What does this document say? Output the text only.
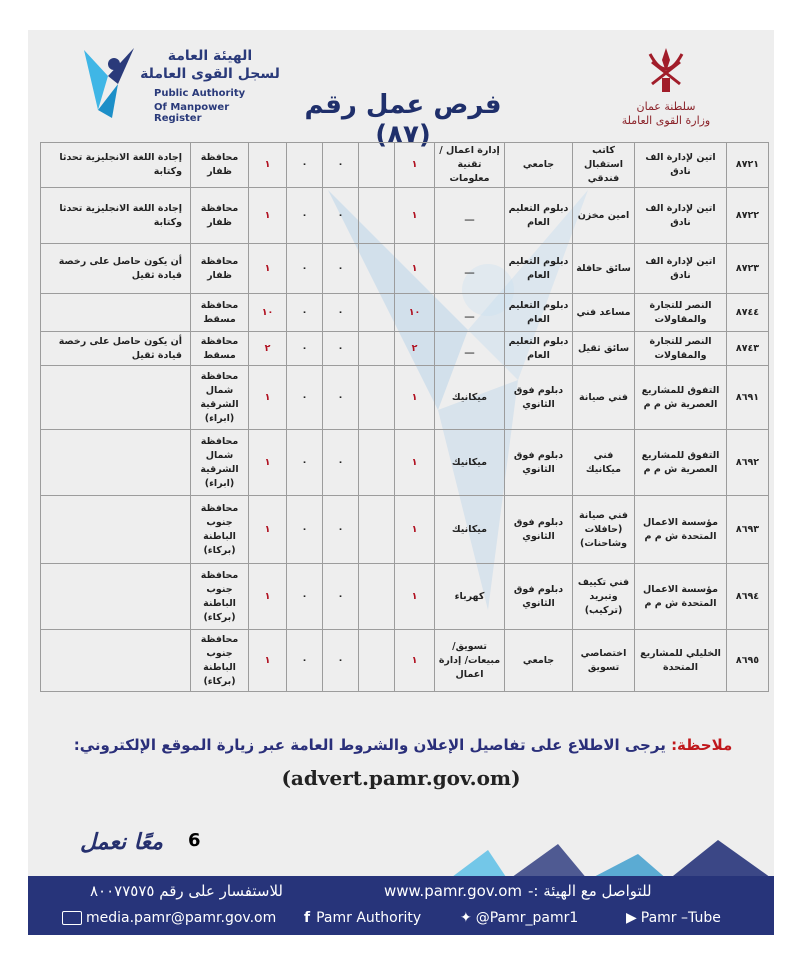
الهيئة العامة
لسجل القوى العاملة
Public Authority
Of Manpower Register	فرص عمل رقم (٨٧)
سلطنة عمان
وزارة القوى العاملة
٨٧٢١	اتين لإدارة الف نادق	كاتب استقبال فندقي	جامعي	إدارة اعمال / تقنية معلومات	١		٠	٠	١	محافظة ظفار	إجادة اللغة الانجليزية تحدثا وكتابة
٨٧٢٢	اتين لإدارة الف نادق	امين مخزن	دبلوم التعليم العام	__	١		٠	٠	١	محافظة ظفار	إجادة اللغة الانجليزية تحدثا وكتابة
٨٧٢٣	اتين لإدارة الف نادق	سائق حافلة	دبلوم التعليم العام	__	١		٠	٠	١	محافظة ظفار	أن يكون حاصل على رخصة قيادة ثقيل
٨٧٤٤	النصر للتجارة والمقاولات	مساعد فني	دبلوم التعليم العام	__	١٠		٠	٠	١٠	محافظة مسقط	
٨٧٤٣	النصر للتجارة والمقاولات	سائق ثقيل	دبلوم التعليم العام	__	٢		٠	٠	٢	محافظة مسقط	أن يكون حاصل على رخصة قيادة ثقيل
٨٦٩١	التفوق للمشاريع العصرية ش م م	فني صيانة	دبلوم فوق الثانوي	ميكانيك	١		٠	٠	١	محافظة شمال الشرقية (ابراء)	
٨٦٩٢	التفوق للمشاريع العصرية ش م م	فني ميكانيك	دبلوم فوق الثانوي	ميكانيك	١		٠	٠	١	محافظة شمال الشرقية (ابراء)	
٨٦٩٣	مؤسسة الاعمال المتحدة ش م م	فني صيانة (حافلات وشاحنات)	دبلوم فوق الثانوي	ميكانيك	١		٠	٠	١	محافظة جنوب الباطنة (بركاء)	
٨٦٩٤	مؤسسة الاعمال المتحدة ش م م	فني تكييف وتبريد (تركيب)	دبلوم فوق الثانوي	كهرباء	١		٠	٠	١	محافظة جنوب الباطنة (بركاء)	
٨٦٩٥	الخليلي للمشاريع المتحدة	اختصاصي تسويق	جامعي	تسويق/ مبيعات/ إدارة اعمال	١		٠	٠	١	محافظة جنوب الباطنة (بركاء)	
ملاحظة: يرجى الاطلاع على تفاصيل الإعلان والشروط العامة عبر زيارة الموقع الإلكتروني:
(advert.pamr.gov.om)
معًا نعمل 6
للاستفسار على رقم ٨٠٠٧٧٥٧٥	www.pamr.gov.om للتواصل مع الهيئة :-
media.pamr@pamr.gov.om f Pamr Authority	✦ @Pamr_pamr1	▶ Pamr –Tube
